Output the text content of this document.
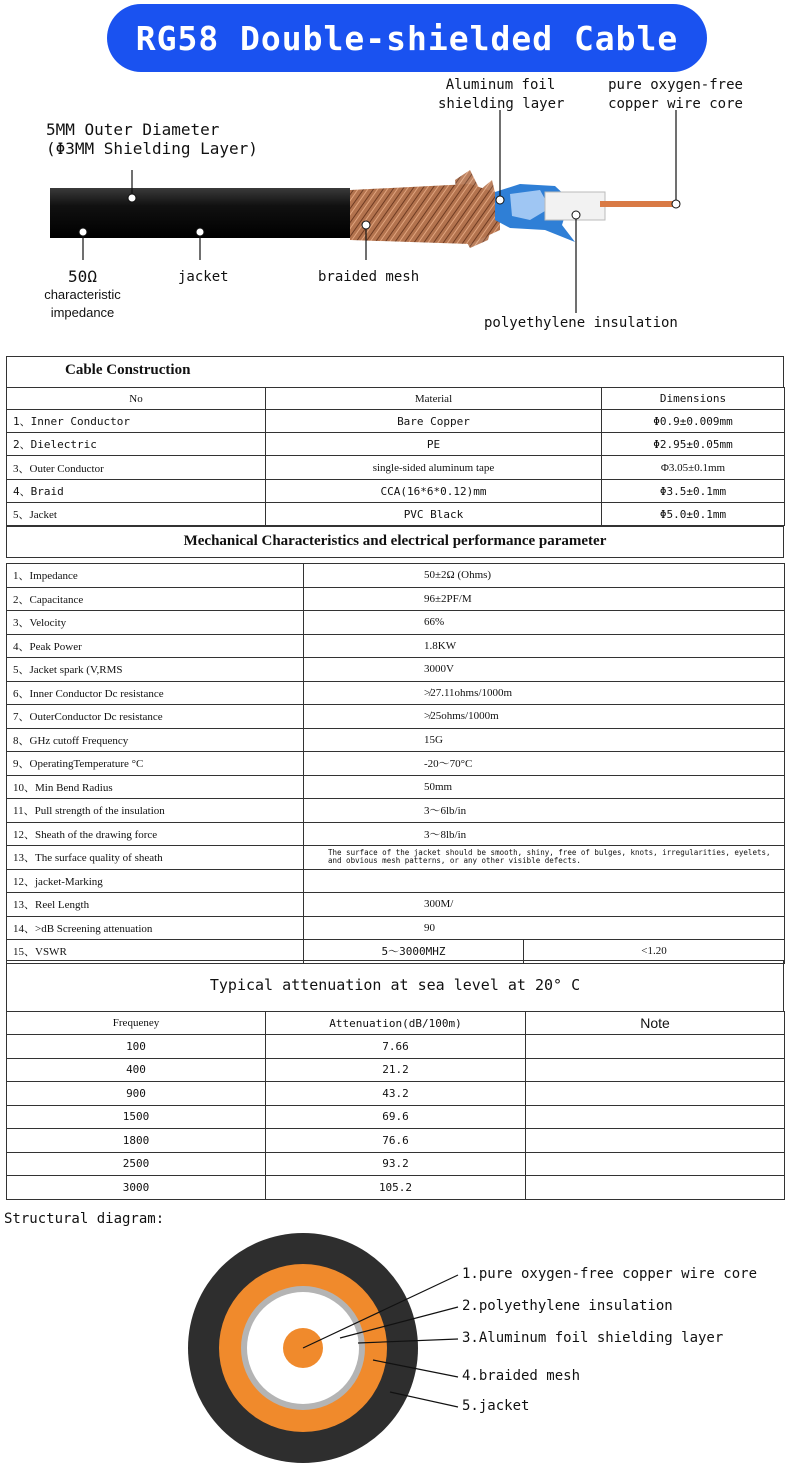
RG58 Double-shielded Cable
5MM Outer Diameter
(Φ3MM Shielding Layer)
Aluminum foil
shielding layer
pure oxygen-free
copper wire core
50Ω
characteristic
impedance
jacket	braided mesh
polyethylene insulation
Cable Construction
No	Material	Dimensions
1、Inner Conductor	Bare Copper	Φ0.9±0.009mm
2、Dielectric	PE	Φ2.95±0.05mm
3、Outer Conductor	single-sided aluminum tape	Φ3.05±0.1mm
4、Braid	CCA(16*6*0.12)mm	Φ3.5±0.1mm
5、Jacket	PVC Black	Φ5.0±0.1mm
Mechanical Characteristics and electrical performance parameter
1、Impedance	50±2Ω (Ohms)	
2、Capacitance	96±2PF/M	
3、Velocity	66%	
4、Peak Power	1.8KW	
5、Jacket spark (V,RMS	3000V	
6、Inner Conductor Dc resistance	≯27.11ohms/1000m	
7、OuterConductor Dc resistance	≯25ohms/1000m	
8、GHz cutoff Frequency	15G	
9、OperatingTemperature °C	-20～70°C	
10、Min Bend Radius	50mm	
11、Pull strength of the insulation	3～6lb/in	
12、Sheath of the drawing force	3～8lb/in	
13、The surface quality of sheath	The surface of the jacket should be smooth, shiny, free of bulges, knots, irregularities, eyelets, and obvious mesh patterns, or any other visible defects.	
12、jacket-Marking		
13、Reel Length	300M/	
14、>dB Screening attenuation	90	
15、VSWR	5～3000MHZ	<1.20
Typical attenuation at sea level at 20° C
Frequeney	Attenuation(dB/100m)	Note
100	7.66	
400	21.2	
900	43.2	
1500	69.6	
1800	76.6	
2500	93.2	
3000	105.2	
Structural diagram:
1.pure oxygen-free copper wire core
2.polyethylene insulation
3.Aluminum foil shielding layer
4.braided mesh
5.jacket
